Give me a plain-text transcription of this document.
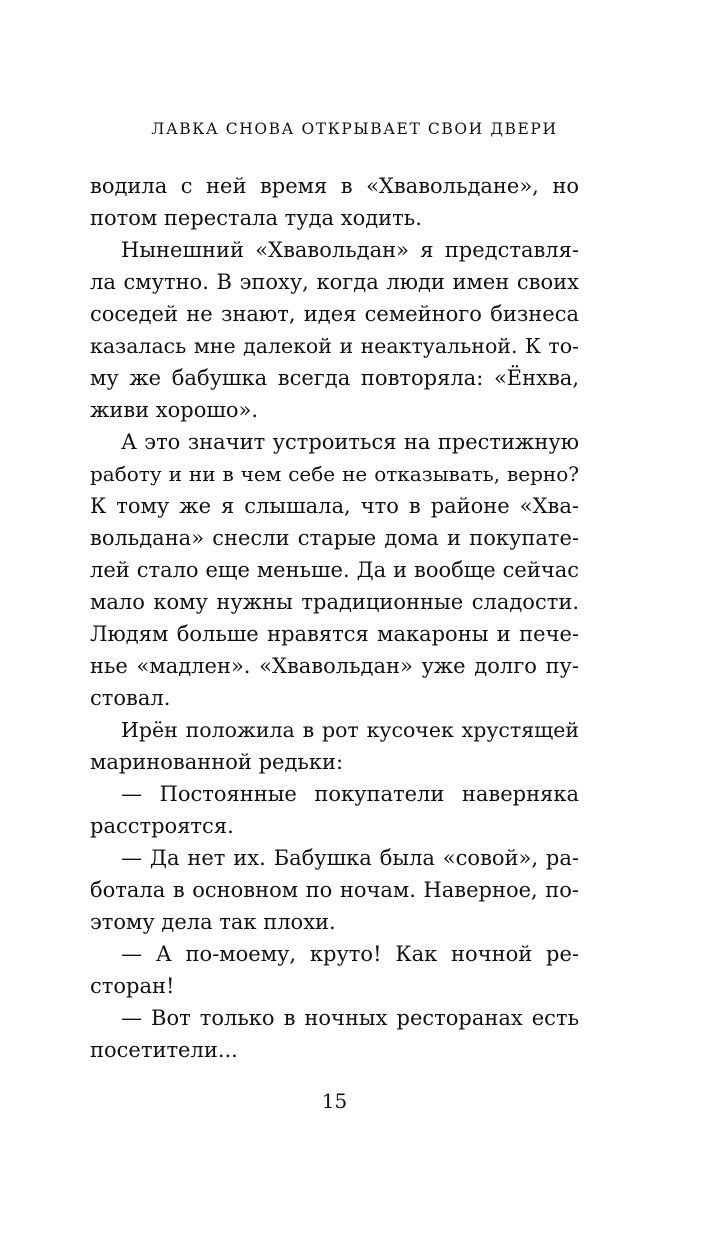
ЛАВКА СНОВА ОТКРЫВАЕТ СВОИ ДВЕРИ
водила с ней время в «Хвавольдане», но
потом перестала туда ходить.
Нынешний «Хвавольдан» я представля-
ла смутно. В эпоху, когда люди имен своих
соседей не знают, идея семейного бизнеса
казалась мне далекой и неактуальной. К то-
му же бабушка всегда повторяла: «Ёнхва,
живи хорошо».
А это значит устроиться на престижную
работу и ни в чем себе не отказывать, верно?
К тому же я слышала, что в районе «Хва-
вольдана» снесли старые дома и покупате-
лей стало еще меньше. Да и вообще сейчас
мало кому нужны традиционные сладости.
Людям больше нравятся макароны и пече-
нье «мадлен». «Хвавольдан» уже долго пу-
стовал.
Ирён положила в рот кусочек хрустящей
маринованной редьки:
— Постоянные покупатели наверняка
расстроятся.
— Да нет их. Бабушка была «совой», ра-
ботала в основном по ночам. Наверное, по-
этому дела так плохи.
— А по-моему, круто! Как ночной ре-
сторан!
— Вот только в ночных ресторанах есть
посетители...
15
